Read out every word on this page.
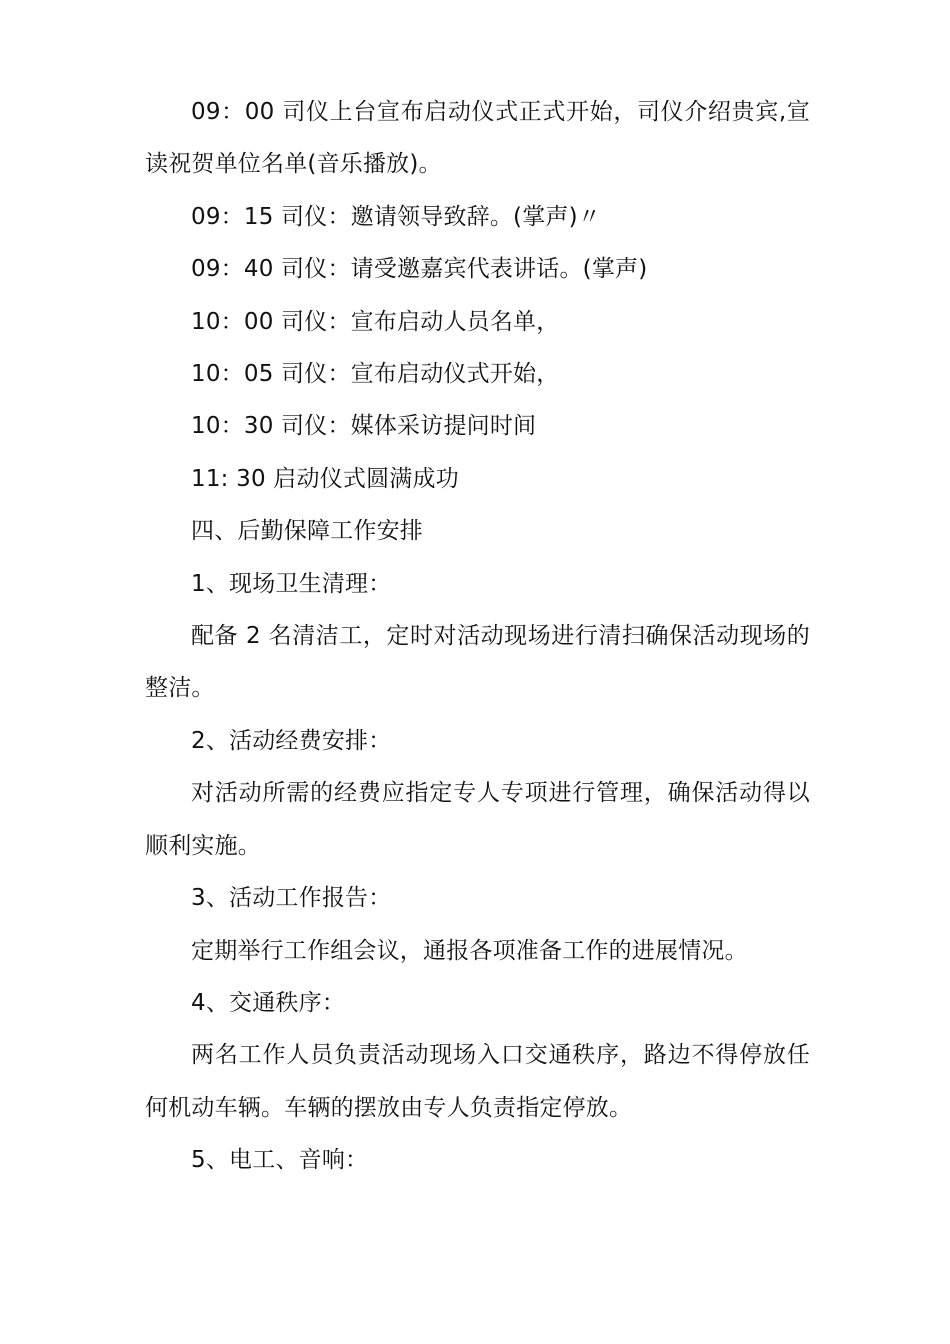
09：00 司仪上台宣布启动仪式正式开始，司仪介绍贵宾,宣读祝贺单位名单(音乐播放)。

09：15 司仪：邀请领导致辞。(掌声)〃

09：40 司仪：请受邀嘉宾代表讲话。(掌声)

10：00 司仪：宣布启动人员名单，

10：05 司仪：宣布启动仪式开始，

10：30 司仪：媒体采访提问时间

11: 30 启动仪式圆满成功

四、后勤保障工作安排

1、现场卫生清理：

配备 2 名清洁工，定时对活动现场进行清扫确保活动现场的整洁。

2、活动经费安排：

对活动所需的经费应指定专人专项进行管理，确保活动得以顺利实施。

3、活动工作报告：

定期举行工作组会议，通报各项准备工作的进展情况。

4、交通秩序：

两名工作人员负责活动现场入口交通秩序，路边不得停放任何机动车辆。车辆的摆放由专人负责指定停放。

5、电工、音响：
